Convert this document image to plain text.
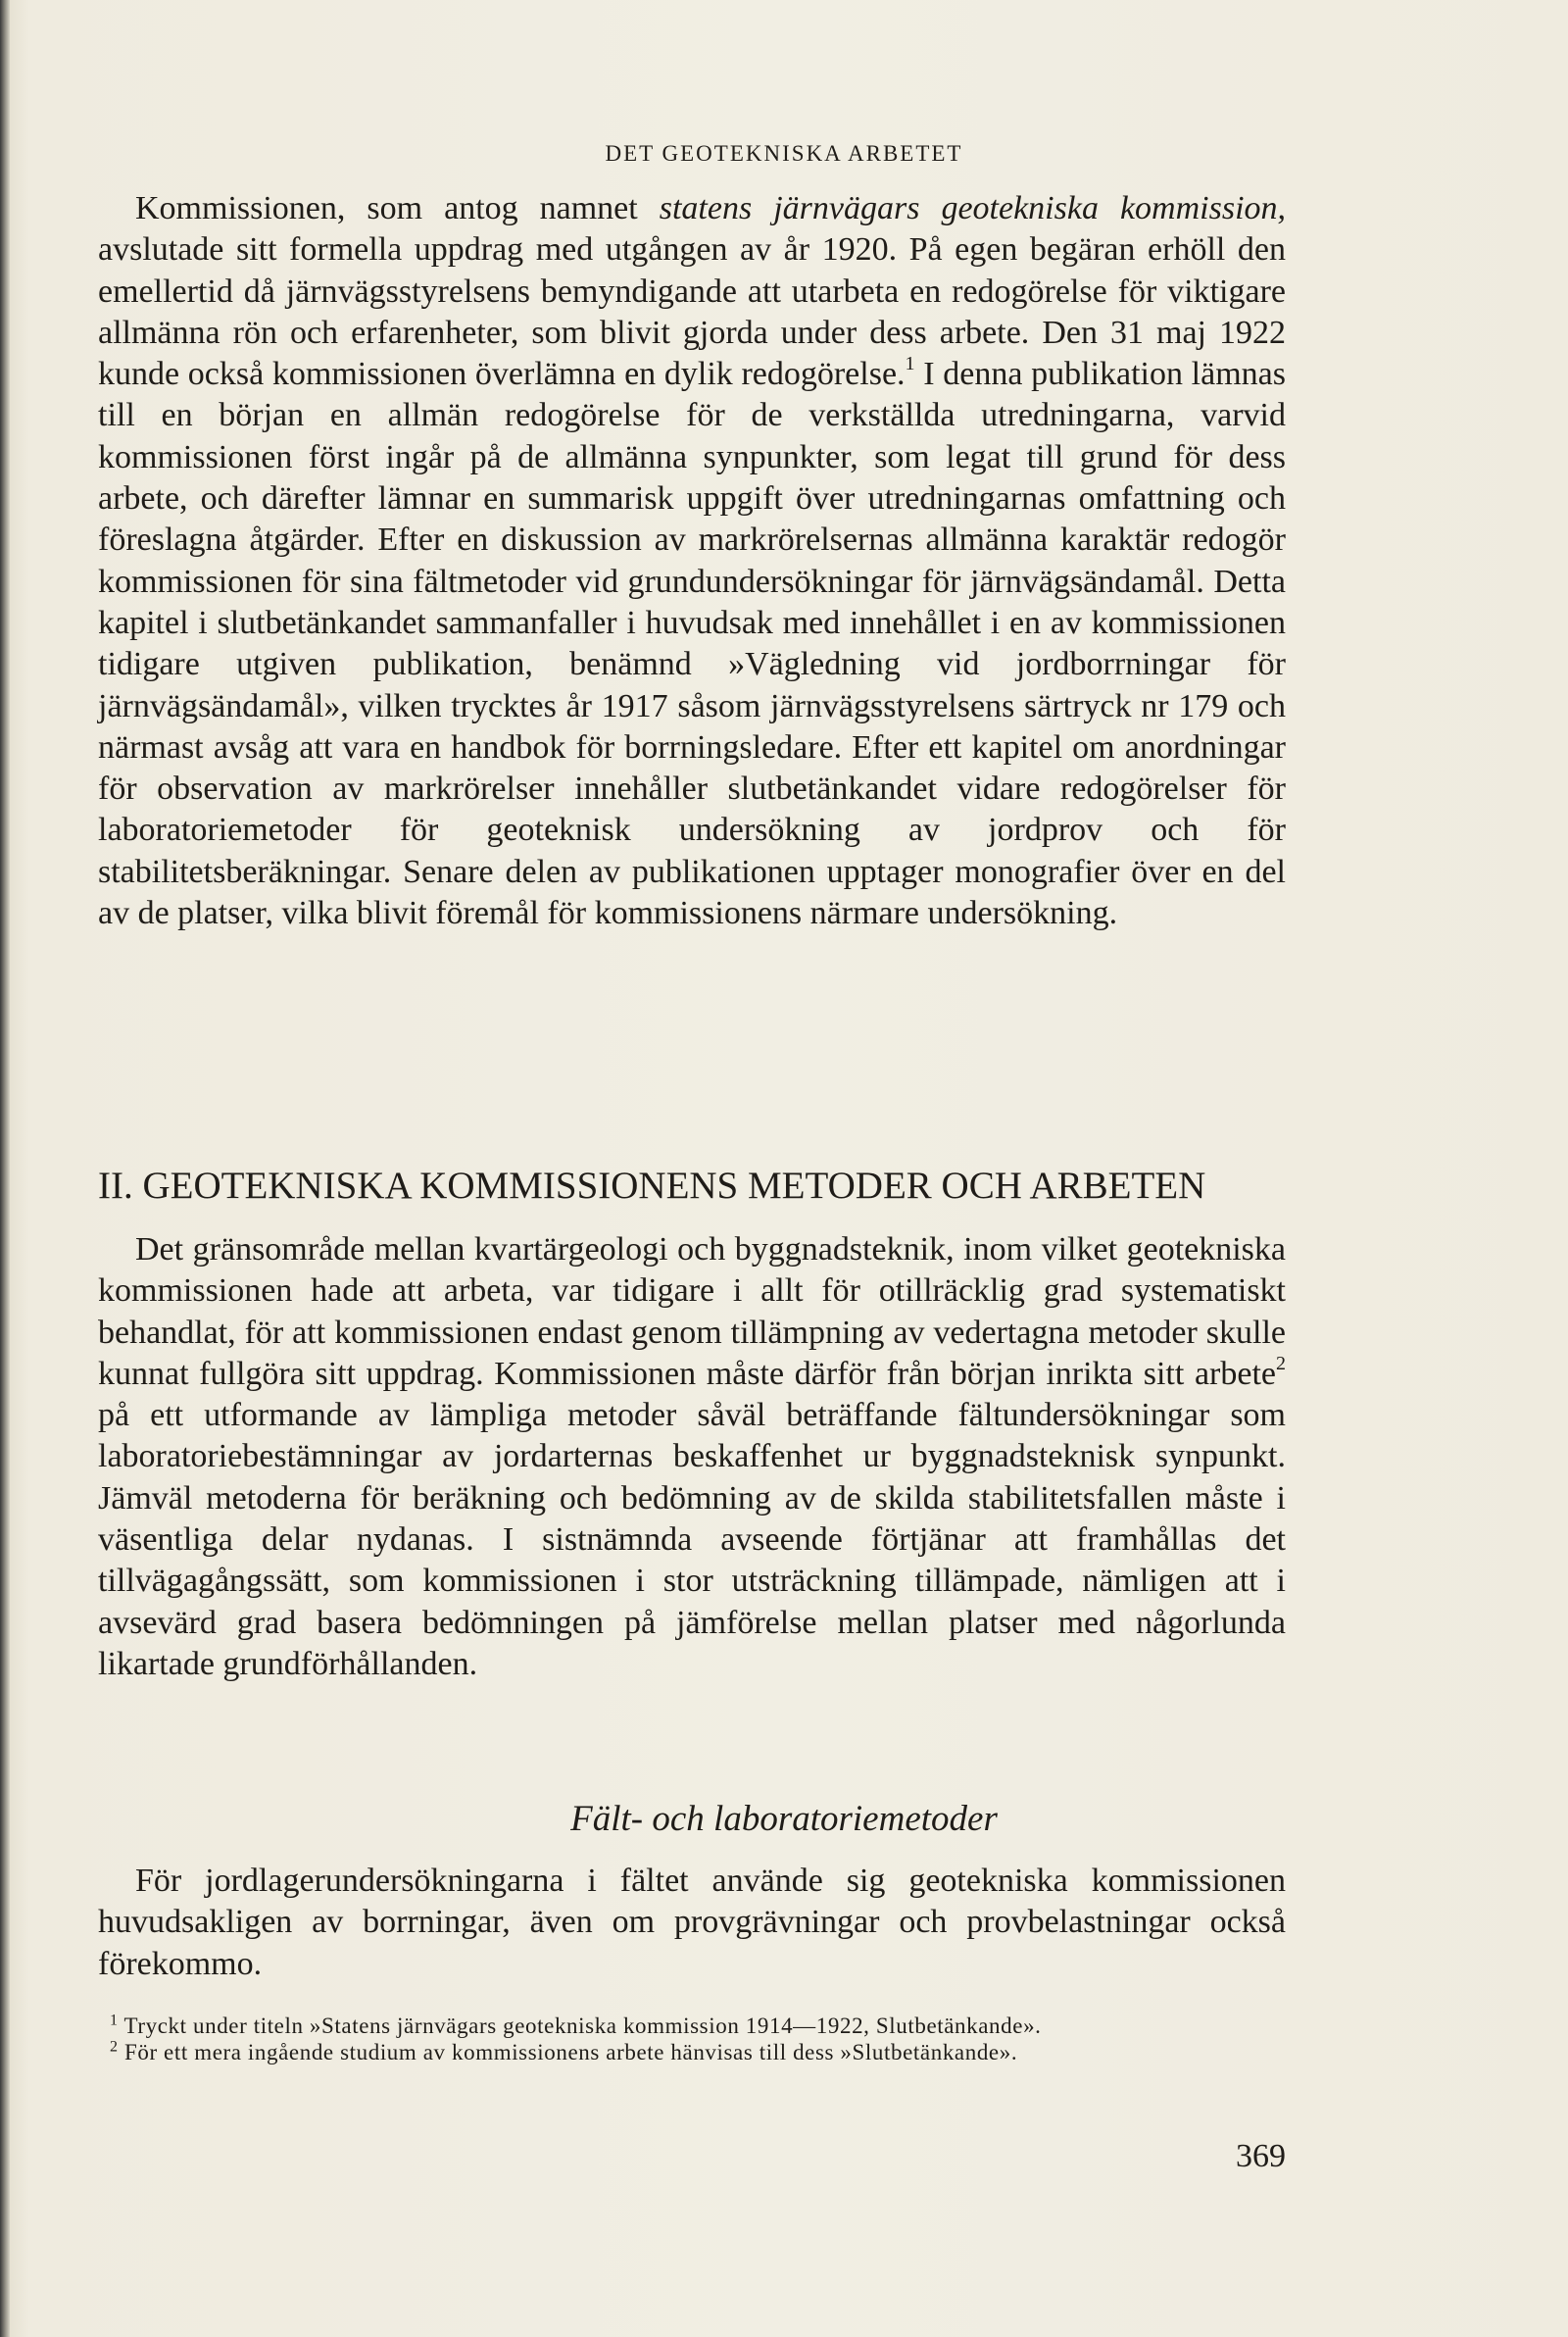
DET GEOTEKNISKA ARBETET

Kommissionen, som antog namnet statens järnvägars geotekniska kommission, avslutade sitt formella uppdrag med utgången av år 1920. På egen begäran erhöll den emellertid då järnvägsstyrelsens bemyndigande att utarbeta en redogörelse för viktigare allmänna rön och erfarenheter, som blivit gjorda under dess arbete. Den 31 maj 1922 kunde också kommissionen överlämna en dylik redogörelse.$^1$ I denna publikation lämnas till en början en allmän redogörelse för de verkställda utredningarna, varvid kommissionen först ingår på de allmänna synpunkter, som legat till grund för dess arbete, och därefter lämnar en summarisk uppgift över utredningarnas omfattning och föreslagna åtgärder. Efter en diskussion av markrörelsernas allmänna karaktär redogör kommissionen för sina fältmetoder vid grundundersökningar för järnvägsändamål. Detta kapitel i slutbetänkandet sammanfaller i huvudsak med innehållet i en av kommissionen tidigare utgiven publikation, benämnd »Vägledning vid jordborrningar för järnvägsändamål», vilken trycktes år 1917 såsom järnvägsstyrelsens särtryck nr 179 och närmast avsåg att vara en handbok för borrningsledare. Efter ett kapitel om anordningar för observation av markrörelser innehåller slutbetänkandet vidare redogörelser för laboratoriemetoder för geoteknisk undersökning av jordprov och för stabilitetsberäkningar. Senare delen av publikationen upptager monografier över en del av de platser, vilka blivit föremål för kommissionens närmare undersökning.

II. GEOTEKNISKA KOMMISSIONENS METODER OCH ARBETEN

Det gränsområde mellan kvartärgeologi och byggnadsteknik, inom vilket geotekniska kommissionen hade att arbeta, var tidigare i allt för otillräcklig grad systematiskt behandlat, för att kommissionen endast genom tillämpning av vedertagna metoder skulle kunnat fullgöra sitt uppdrag. Kommissionen måste därför från början inrikta sitt arbete$^2$ på ett utformande av lämpliga metoder såväl beträffande fältundersökningar som laboratoriebestämningar av jordarternas beskaffenhet ur byggnadsteknisk synpunkt. Jämväl metoderna för beräkning och bedömning av de skilda stabilitetsfallen måste i väsentliga delar nydanas. I sistnämnda avseende förtjänar att framhållas det tillvägagångssätt, som kommissionen i stor utsträckning tillämpade, nämligen att i avsevärd grad basera bedömningen på jämförelse mellan platser med någorlunda likartade grundförhållanden.

Fält- och laboratoriemetoder

För jordlagerundersökningarna i fältet använde sig geotekniska kommissionen huvudsakligen av borrningar, även om provgrävningar och provbelastningar också förekommo.

$^1$ Tryckt under titeln »Statens järnvägars geotekniska kommission 1914—1922, Slutbetänkande».

$^2$ För ett mera ingående studium av kommissionens arbete hänvisas till dess »Slutbetänkande».

369
